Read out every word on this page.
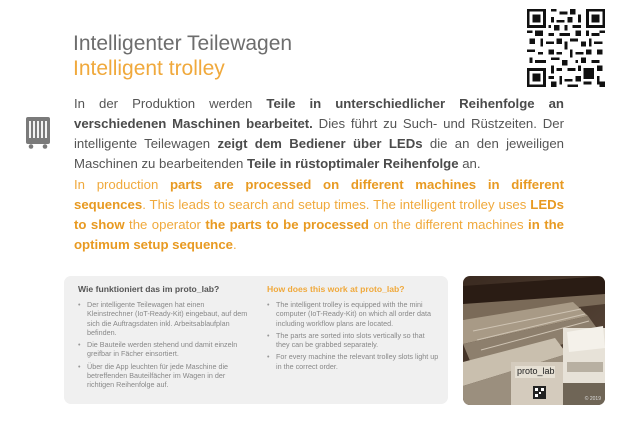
Intelligenter Teilewagen
Intelligent trolley
In der Produktion werden Teile in unterschiedlicher Reihenfolge an verschiedenen Maschinen bearbeitet. Dies führt zu Such- und Rüstzeiten. Der intelligente Teilewagen zeigt dem Bediener über LEDs die an den jeweiligen Maschinen zu bearbeitenden Teile in rüstoptimaler Reihenfolge an.
In production parts are processed on different machines in different sequences. This leads to search and setup times. The intelligent trolley uses LEDs to show the operator the parts to be processed on the different machines in the optimum setup sequence.
Wie funktioniert das im proto_lab?
• Der intelligente Teilewagen hat einen Kleinstrechner (IoT-Ready-Kit) eingebaut, auf dem sich die Auftragsdaten inkl. Arbeitsablaufplan befinden.
• Die Bauteile werden stehend und damit einzeln greifbar in Fächer einsortiert.
• Über die App leuchten für jede Maschine die betreffenden Bauteilfächer im Wagen in der richtigen Reihenfolge auf.
How does this work at proto_lab?
• The intelligent trolley is equipped with the mini computer (IoT-Ready-Kit) on which all order data including workflow plans are located.
• The parts are sorted into slots vertically so that they can be grabbed separately.
• For every machine the relevant trolley slots light up in the correct order.	proto_lab
© 2019
